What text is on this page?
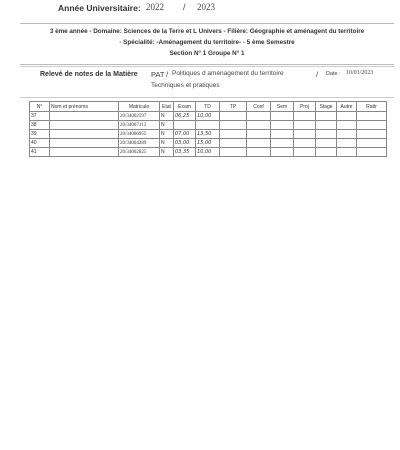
Année Universitaire: 2022 / 2023
3 ème année - Domaine: Sciences de la Terre et L Univers - Filière: Géographie et aménagent du territoire
- Spécialité: -Aménagement du territoire- - 5 ème Semestre
Section N° 1 Groupe N° 1
Relevé de notes de la Matière PAT / Politiques d aménagement du territoire	/
Techniques et pratiques
Date : 10/01/2023
N°	Nom et prénoms	Matricule	Etat	Exam	TD	TP	Conf	Sem	Proj	Stage	Autre	Rattr
37		20/34002597	N	06,25	10,00							
38		20/34007113	N									
39		20/34006955	N	07,00	13,50							
40		20/34004289	N	03,00	15,00							
41		20/34002825	N	03,35	10,00							
